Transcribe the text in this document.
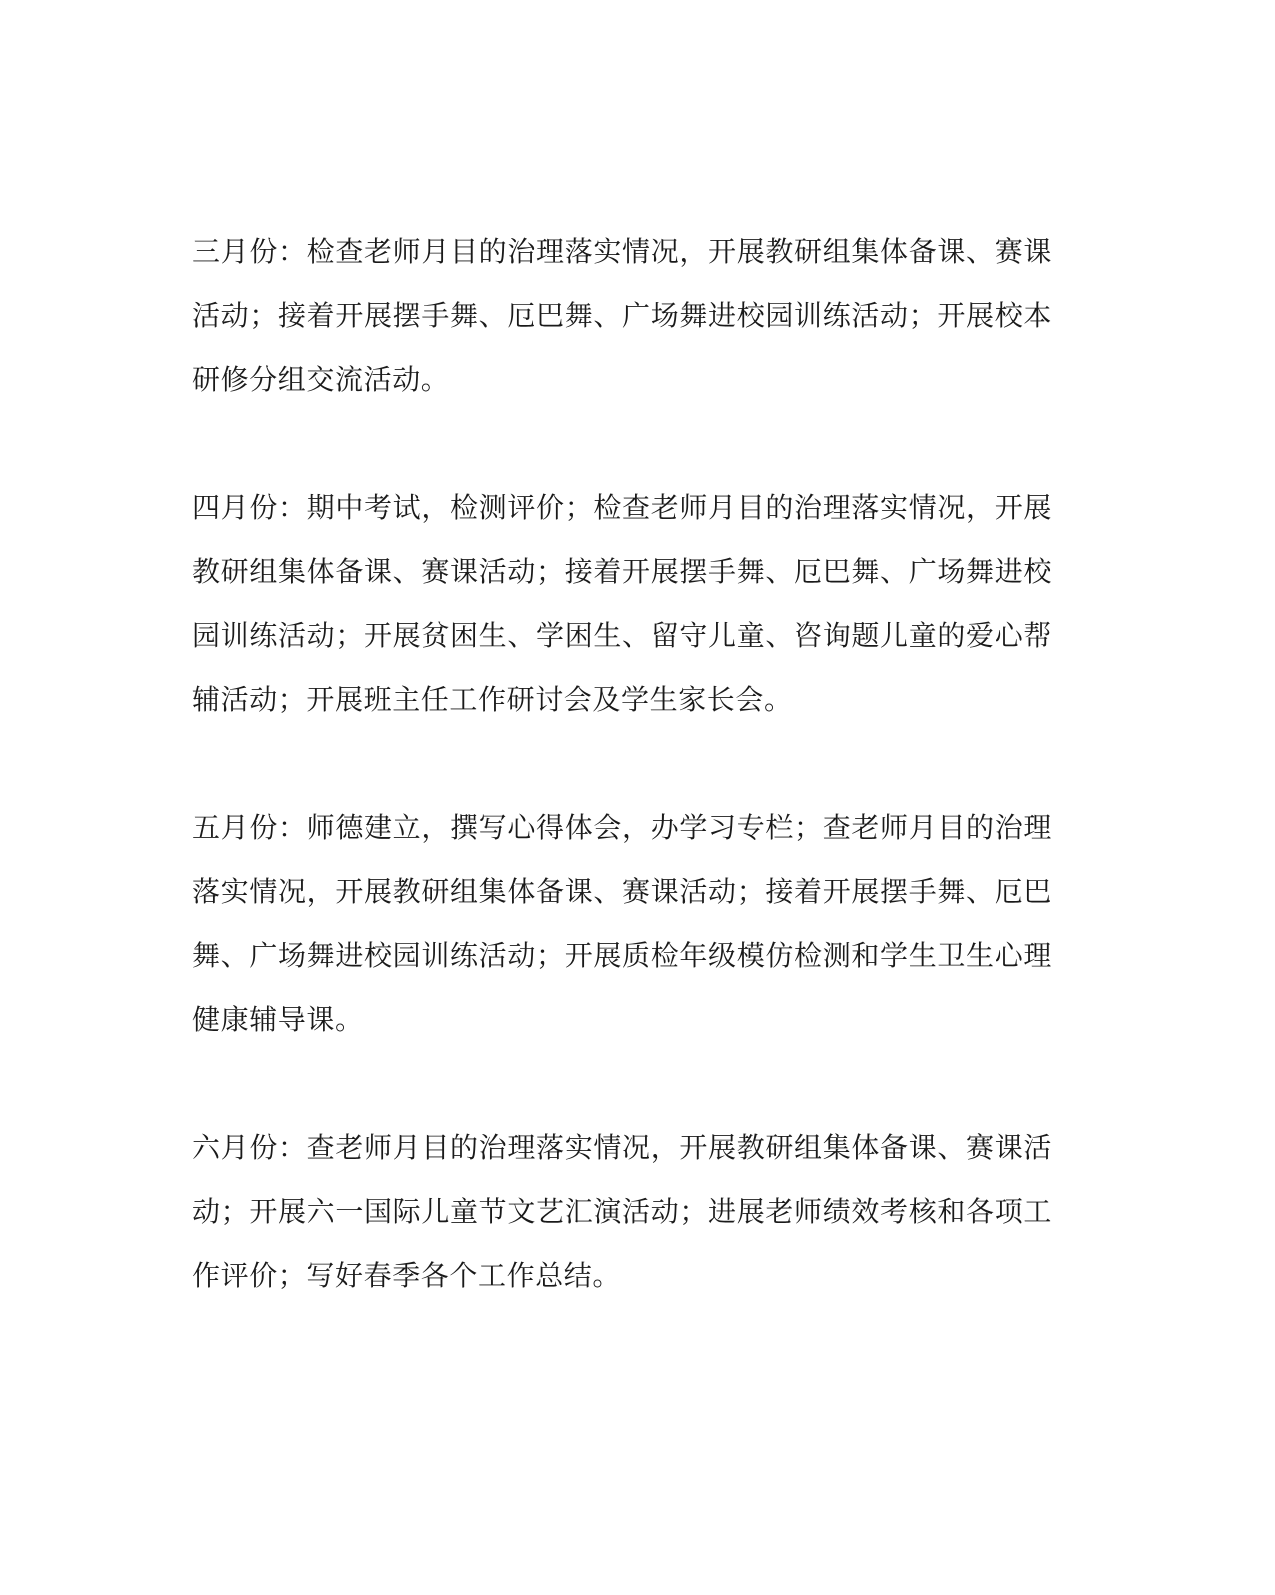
三月份：检查老师月目的治理落实情况，开展教研组集体备课、赛课活动；接着开展摆手舞、厄巴舞、广场舞进校园训练活动；开展校本研修分组交流活动。

四月份：期中考试，检测评价；检查老师月目的治理落实情况，开展教研组集体备课、赛课活动；接着开展摆手舞、厄巴舞、广场舞进校园训练活动；开展贫困生、学困生、留守儿童、咨询题儿童的爱心帮辅活动；开展班主任工作研讨会及学生家长会。

五月份：师德建立，撰写心得体会，办学习专栏；查老师月目的治理落实情况，开展教研组集体备课、赛课活动；接着开展摆手舞、厄巴舞、广场舞进校园训练活动；开展质检年级模仿检测和学生卫生心理健康辅导课。

六月份：查老师月目的治理落实情况，开展教研组集体备课、赛课活动；开展六一国际儿童节文艺汇演活动；进展老师绩效考核和各项工作评价；写好春季各个工作总结。
